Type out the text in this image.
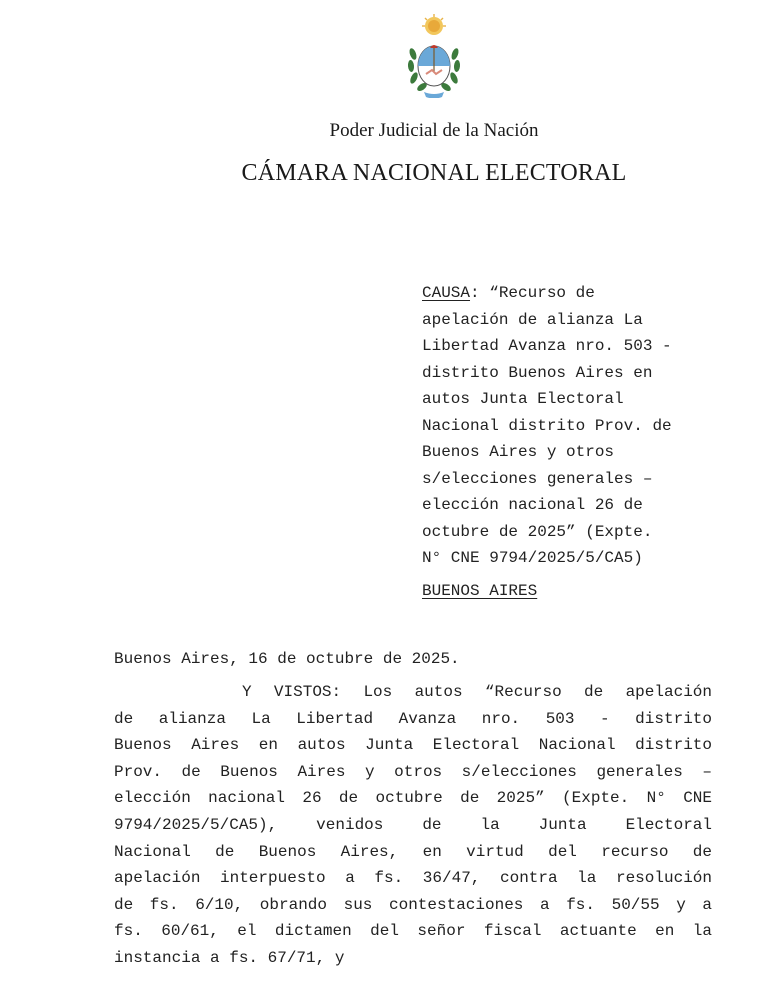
Poder Judicial de la Nación
CÁMARA NACIONAL ELECTORAL
CAUSA: “Recurso de
apelación de alianza La
Libertad Avanza nro. 503 -
distrito Buenos Aires en
autos Junta Electoral
Nacional distrito Prov. de
Buenos Aires y otros
s/elecciones generales –
elección nacional 26 de
octubre de 2025” (Expte.
N° CNE 9794/2025/5/CA5)
BUENOS AIRES
Buenos Aires, 16 de octubre de 2025.
Y VISTOS: Los autos “Recurso de apelación
de alianza La Libertad Avanza nro. 503 - distrito
Buenos Aires en autos Junta Electoral Nacional distrito
Prov. de Buenos Aires y otros s/elecciones generales –
elección nacional 26 de octubre de 2025” (Expte. N° CNE
9794/2025/5/CA5), venidos de la Junta Electoral
Nacional de Buenos Aires, en virtud del recurso de
apelación interpuesto a fs. 36/47, contra la resolución
de fs. 6/10, obrando sus contestaciones a fs. 50/55 y a
fs. 60/61, el dictamen del señor fiscal actuante en la
instancia a fs. 67/71, y
